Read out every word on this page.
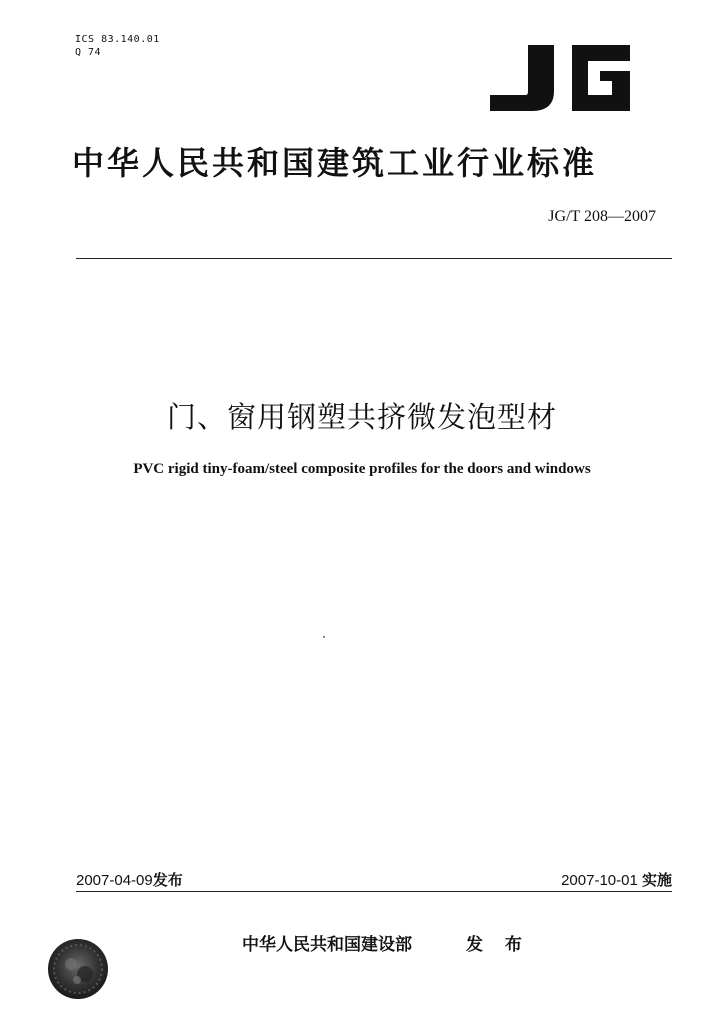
ICS 83.140.01
Q 74
中华人民共和国建筑工业行业标准
JG/T 208—2007
门、窗用钢塑共挤微发泡型材
PVC rigid tiny-foam/steel composite profiles for the doors and windows
2007-04-09发布	2007-10-01 实施
中华人民共和国建设部	发 布
